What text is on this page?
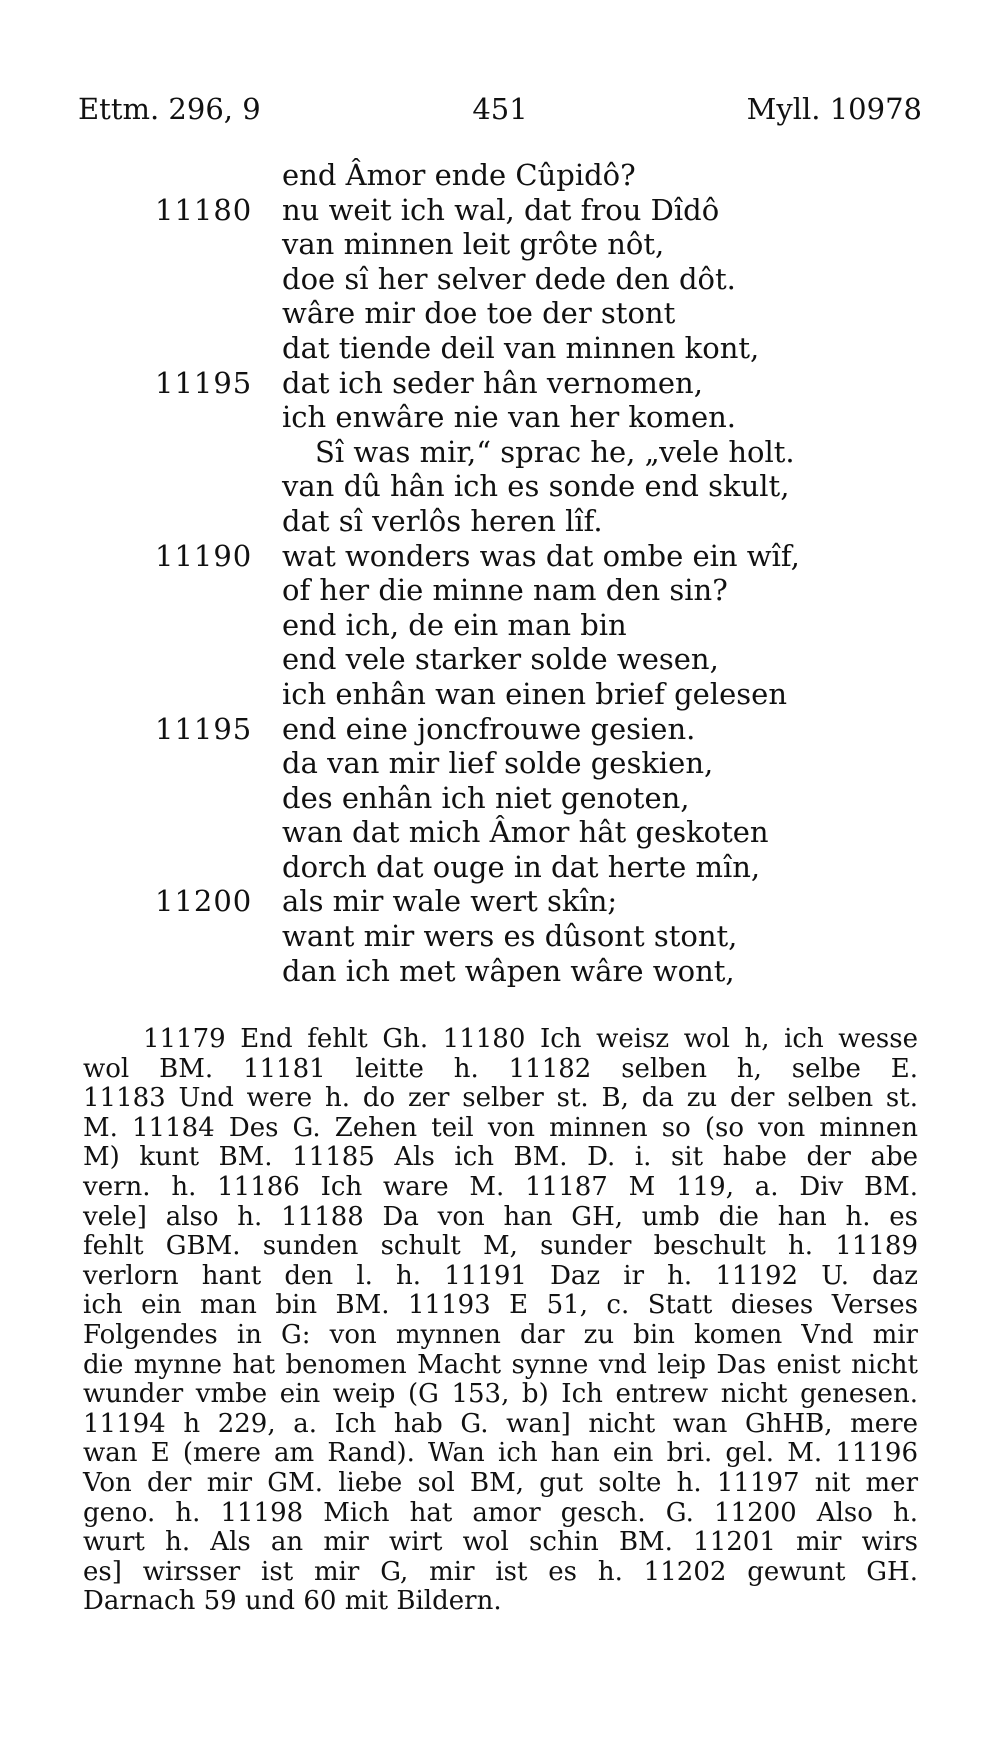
Ettm. 296, 9	451	Myll. 10978
end Âmor ende Cûpidô?
11180	nu weit ich wal, dat frou Dîdô
van minnen leit grôte nôt,
doe sî her selver dede den dôt.
wâre mir doe toe der stont
dat tiende deil van minnen kont,
11195	dat ich seder hân vernomen,
ich enwâre nie van her komen.
Sî was mir,“ sprac he, „vele holt.
van dû hân ich es sonde end skult,
dat sî verlôs heren lîf.
11190	wat wonders was dat ombe ein wîf,
of her die minne nam den sin?
end ich, de ein man bin
end vele starker solde wesen,
ich enhân wan einen brief gelesen
11195	end eine joncfrouwe gesien.
da van mir lief solde geskien,
des enhân ich niet genoten,
wan dat mich Âmor hât geskoten
dorch dat ouge in dat herte mîn,
11200	als mir wale wert skîn;
want mir wers es dûsont stont,
dan ich met wâpen wâre wont,
11179 End fehlt Gh. 11180 Ich weisz wol h, ich wesse
wol BM. 11181 leitte h. 11182 selben h, selbe E.
11183 Und were h. do zer selber st. B, da zu der selben st.
M. 11184 Des G. Zehen teil von minnen so (so von minnen
M) kunt BM. 11185 Als ich BM. D. i. sit habe der abe
vern. h. 11186 Ich ware M. 11187 M 119, a. Div BM.
vele] also h. 11188 Da von han GH, umb die han h. es
fehlt GBM. sunden schult M, sunder beschult h. 11189
verlorn hant den l. h. 11191 Daz ir h. 11192 U. daz
ich ein man bin BM. 11193 E 51, c. Statt dieses Verses
Folgendes in G: von mynnen dar zu bin komen Vnd mir
die mynne hat benomen Macht synne vnd leip Das enist nicht
wunder vmbe ein weip (G 153, b) Ich entrew nicht genesen.
11194 h 229, a. Ich hab G. wan] nicht wan GhHB, mere
wan E (mere am Rand). Wan ich han ein bri. gel. M. 11196
Von der mir GM. liebe sol BM, gut solte h. 11197 nit mer
geno. h. 11198 Mich hat amor gesch. G. 11200 Also h.
wurt h. Als an mir wirt wol schin BM. 11201 mir wirs
es] wirsser ist mir G, mir ist es h. 11202 gewunt GH.
Darnach 59 und 60 mit Bildern.
